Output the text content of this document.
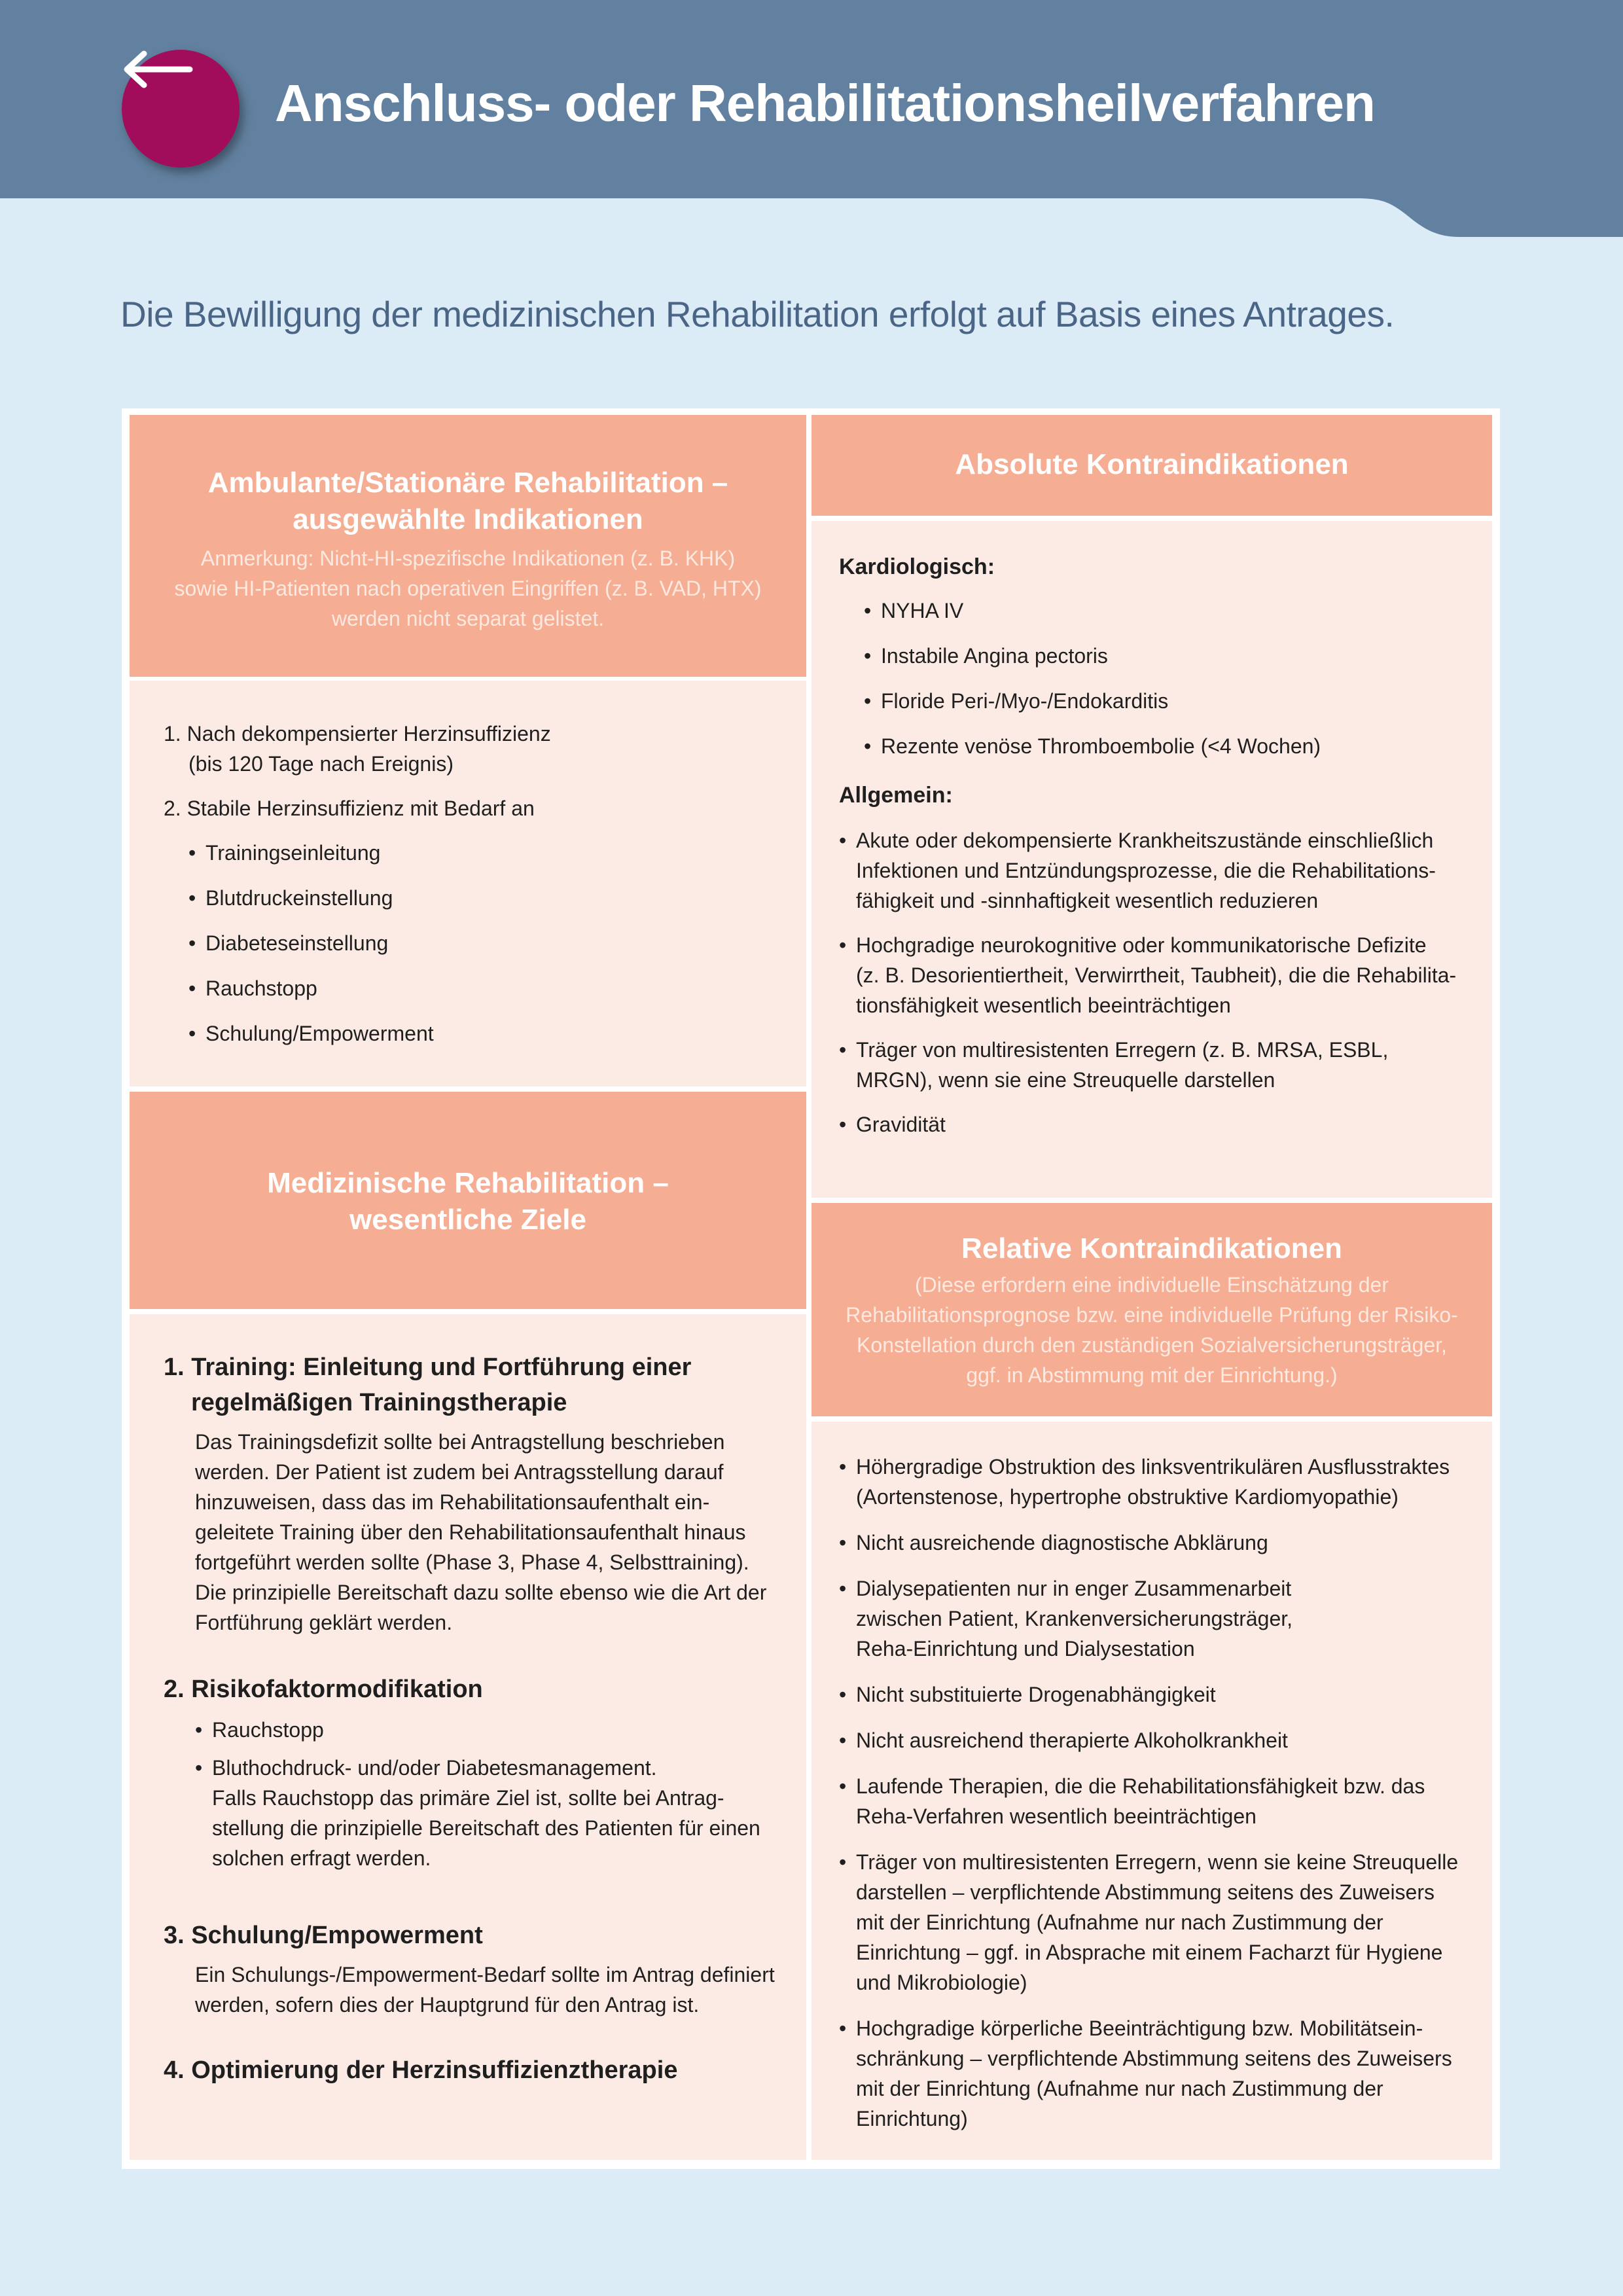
Anschluss- oder Rehabilitationsheilverfahren
Die Bewilligung der medizinischen Rehabilitation erfolgt auf Basis eines Antrages.
Ambulante/Stationäre Rehabilitation –
ausgewählte Indikationen
Anmerkung: Nicht-HI-spezifische Indikationen (z. B. KHK)
sowie HI-Patienten nach operativen Eingriffen (z. B. VAD, HTX)
werden nicht separat gelistet.
1. Nach dekompensierter Herzinsuffizienz
(bis 120 Tage nach Ereignis)
2. Stabile Herzinsuffizienz mit Bedarf an
• Trainingseinleitung
• Blutdruckeinstellung
• Diabeteseinstellung
• Rauchstopp
• Schulung/Empowerment
Medizinische Rehabilitation –
wesentliche Ziele
1. Training: Einleitung und Fortführung einer
regelmäßigen Trainingstherapie
Das Trainingsdefizit sollte bei Antragstellung beschrieben
werden. Der Patient ist zudem bei Antragsstellung darauf
hinzuweisen, dass das im Rehabilitationsaufenthalt ein-
geleitete Training über den Rehabilitationsaufenthalt hinaus
fortgeführt werden sollte (Phase 3, Phase 4, Selbsttraining).
Die prinzipielle Bereitschaft dazu sollte ebenso wie die Art der
Fortführung geklärt werden.
2. Risikofaktormodifikation
• Rauchstopp
• Bluthochdruck- und/oder Diabetesmanagement.
Falls Rauchstopp das primäre Ziel ist, sollte bei Antrag-
stellung die prinzipielle Bereitschaft des Patienten für einen
solchen erfragt werden.
3. Schulung/Empowerment
Ein Schulungs-/Empowerment-Bedarf sollte im Antrag definiert
werden, sofern dies der Hauptgrund für den Antrag ist.
4. Optimierung der Herzinsuffizienztherapie
Absolute Kontraindikationen
Kardiologisch:
• NYHA IV
• Instabile Angina pectoris
• Floride Peri-/Myo-/Endokarditis
• Rezente venöse Thromboembolie (<4 Wochen)
Allgemein:
• Akute oder dekompensierte Krankheitszustände einschließlich
Infektionen und Entzündungsprozesse, die die Rehabilitations-
fähigkeit und -sinnhaftigkeit wesentlich reduzieren
• Hochgradige neurokognitive oder kommunikatorische Defizite
(z. B. Desorientiertheit, Verwirrtheit, Taubheit), die die Rehabilita-
tionsfähigkeit wesentlich beeinträchtigen
• Träger von multiresistenten Erregern (z. B. MRSA, ESBL,
MRGN), wenn sie eine Streuquelle darstellen
• Gravidität
Relative Kontraindikationen
(Diese erfordern eine individuelle Einschätzung der
Rehabilitationsprognose bzw. eine individuelle Prüfung der Risiko-
Konstellation durch den zuständigen Sozialversicherungsträger,
ggf. in Abstimmung mit der Einrichtung.)
• Höhergradige Obstruktion des linksventrikulären Ausflusstraktes
(Aortenstenose, hypertrophe obstruktive Kardiomyopathie)
• Nicht ausreichende diagnostische Abklärung
• Dialysepatienten nur in enger Zusammenarbeit
zwischen Patient, Krankenversicherungsträger,
Reha-Einrichtung und Dialysestation
• Nicht substituierte Drogenabhängigkeit
• Nicht ausreichend therapierte Alkoholkrankheit
• Laufende Therapien, die die Rehabilitationsfähigkeit bzw. das
Reha-Verfahren wesentlich beeinträchtigen
• Träger von multiresistenten Erregern, wenn sie keine Streuquelle
darstellen – verpflichtende Abstimmung seitens des Zuweisers
mit der Einrichtung (Aufnahme nur nach Zustimmung der
Einrichtung – ggf. in Absprache mit einem Facharzt für Hygiene
und Mikrobiologie)
• Hochgradige körperliche Beeinträchtigung bzw. Mobilitätsein-
schränkung – verpflichtende Abstimmung seitens des Zuweisers
mit der Einrichtung (Aufnahme nur nach Zustimmung der
Einrichtung)
